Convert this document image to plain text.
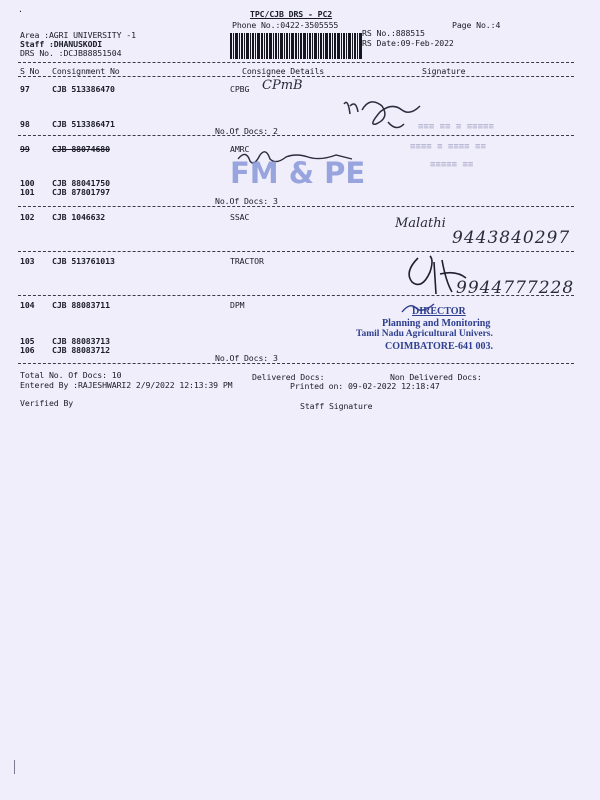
.	TPC/CJB DRS - PC2
Phone No.:0422-3505555
RS No.:888515
Page No.:4
RS Date:09-Feb-2022
Area :AGRI UNIVERSITY -1
Staff :DHANUSKODI
DRS No. :DCJB88851504
S No Consignment No	Consignee Details	Signature
97	CJB 513386470	CPBG CPmB
98	CJB 513386471
No.Of Docs: 2	≡≡≡ ≡≡ ≡ ≡≡≡≡≡
≡≡≡≡ ≡ ≡≡≡≡ ≡≡
≡≡≡≡≡ ≡≡
99	CJB 88074680	AMRC
FM & PE
100 CJB 88041750
101 CJB 87801797
No.Of Docs: 3
102 CJB 1046632	SSAC	Malathi
9443840297
103 CJB 513761013	TRACTOR
9944777228
104 CJB 88083711	DPM
DIRECTOR
Planning and Monitoring
Tamil Nadu Agricultural Univers.
COIMBATORE-641 003.
105 CJB 88083713
106 CJB 88083712
No.Of Docs: 3
Total No. Of Docs: 10	Delivered Docs:	Non Delivered Docs:
Entered By :RAJESHWARI2 2/9/2022 12:13:39 PM	Printed on: 09-02-2022 12:18:47
Verified By	Staff Signature
